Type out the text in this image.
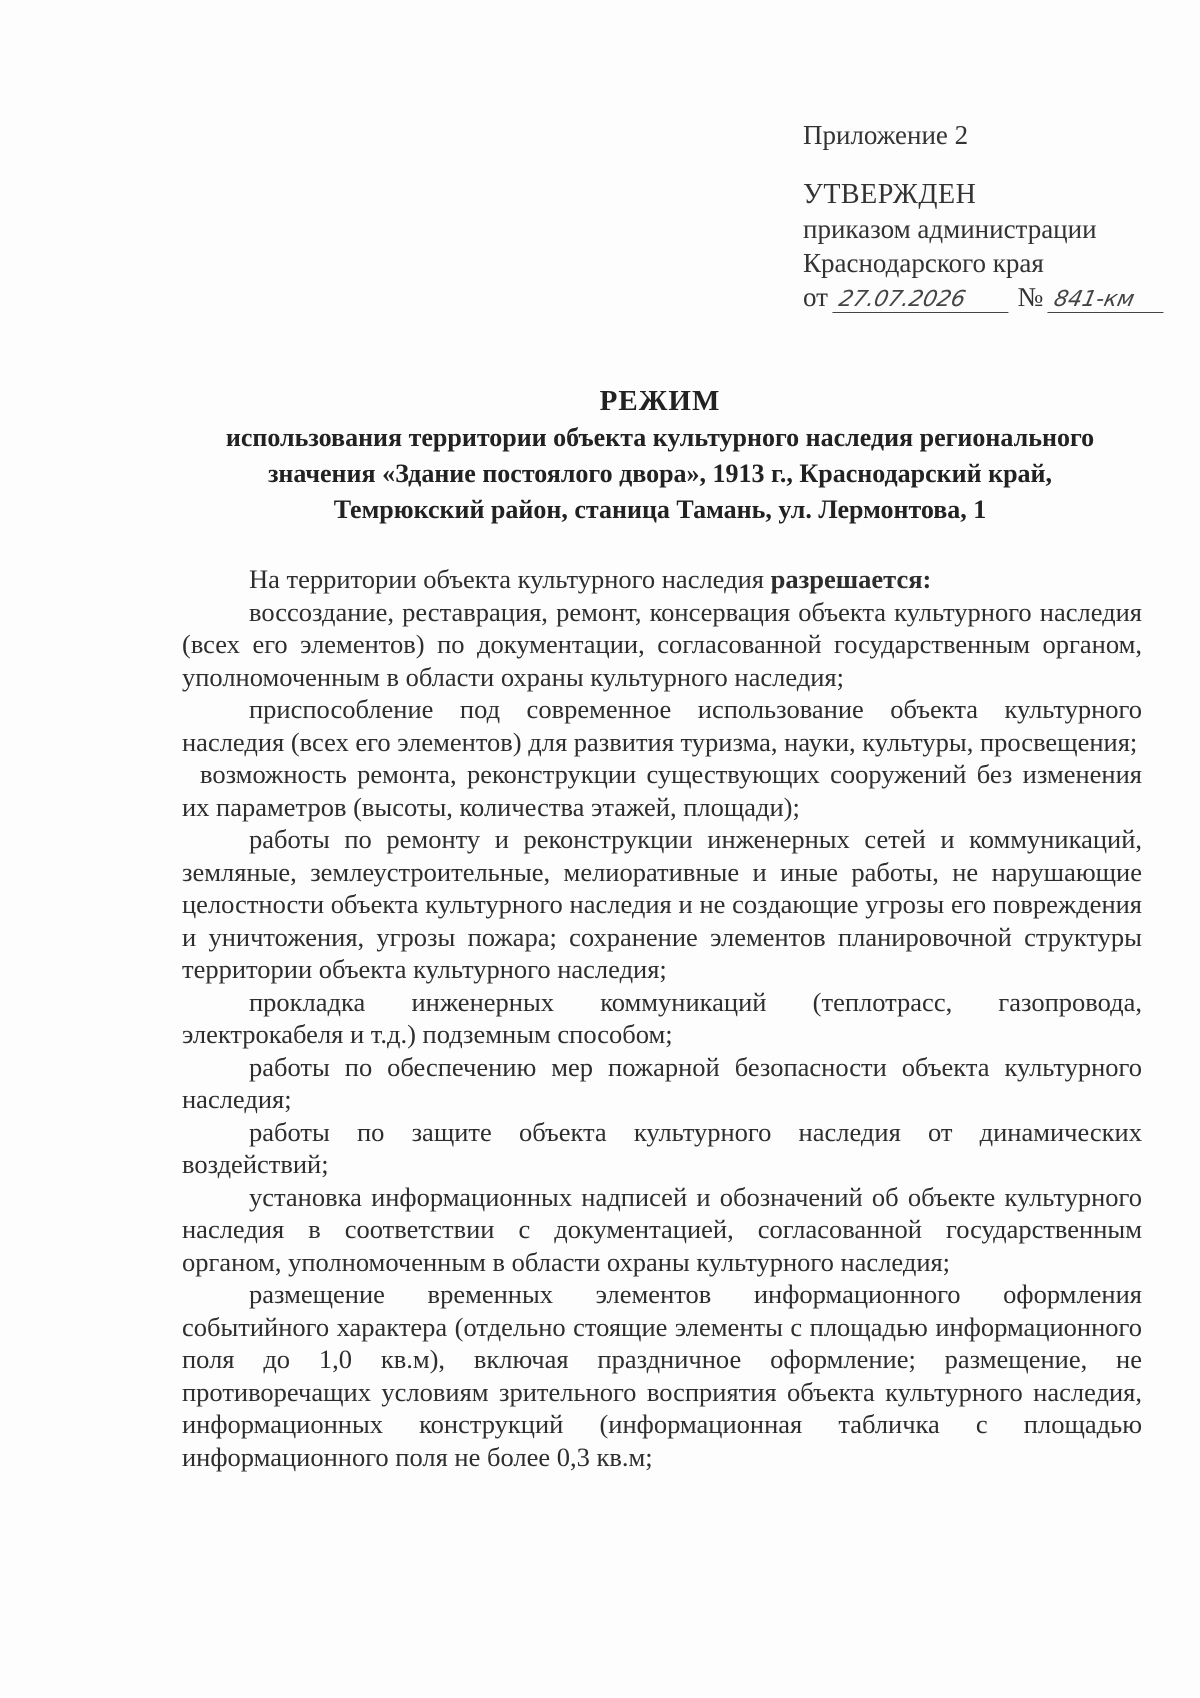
Приложение 2
УТВЕРЖДЕН
приказом администрации
Краснодарского края
от 27.07.2026 № 841-км
РЕЖИМ
использования территории объекта культурного наследия регионального
значения «Здание постоялого двора», 1913 г., Краснодарский край,
Темрюкский район, станица Тамань, ул. Лермонтова, 1

На территории объекта культурного наследия разрешается:

воссоздание, реставрация, ремонт, консервация объекта культурного наследия (всех его элементов) по документации, согласованной государственным органом, уполномоченным в области охраны культурного наследия;

приспособление под современное использование объекта культурного наследия (всех его элементов) для развития туризма, науки, культуры, просвещения;

возможность ремонта, реконструкции существующих сооружений без изменения их параметров (высоты, количества этажей, площади);

работы по ремонту и реконструкции инженерных сетей и коммуникаций, земляные, землеустроительные, мелиоративные и иные работы, не нарушающие целостности объекта культурного наследия и не создающие угрозы его повреждения и уничтожения, угрозы пожара; сохранение элементов планировочной структуры территории объекта культурного наследия;

прокладка инженерных коммуникаций (теплотрасс, газопровода, электрокабеля и т.д.) подземным способом;

работы по обеспечению мер пожарной безопасности объекта культурного наследия;

работы по защите объекта культурного наследия от динамических воздействий;

установка информационных надписей и обозначений об объекте культурного наследия в соответствии с документацией, согласованной государственным органом, уполномоченным в области охраны культурного наследия;

размещение временных элементов информационного оформления событийного характера (отдельно стоящие элементы с площадью информационного поля до 1,0 кв.м), включая праздничное оформление; размещение, не противоречащих условиям зрительного восприятия объекта культурного наследия, информационных конструкций (информационная табличка с площадью информационного поля не более 0,3 кв.м;
